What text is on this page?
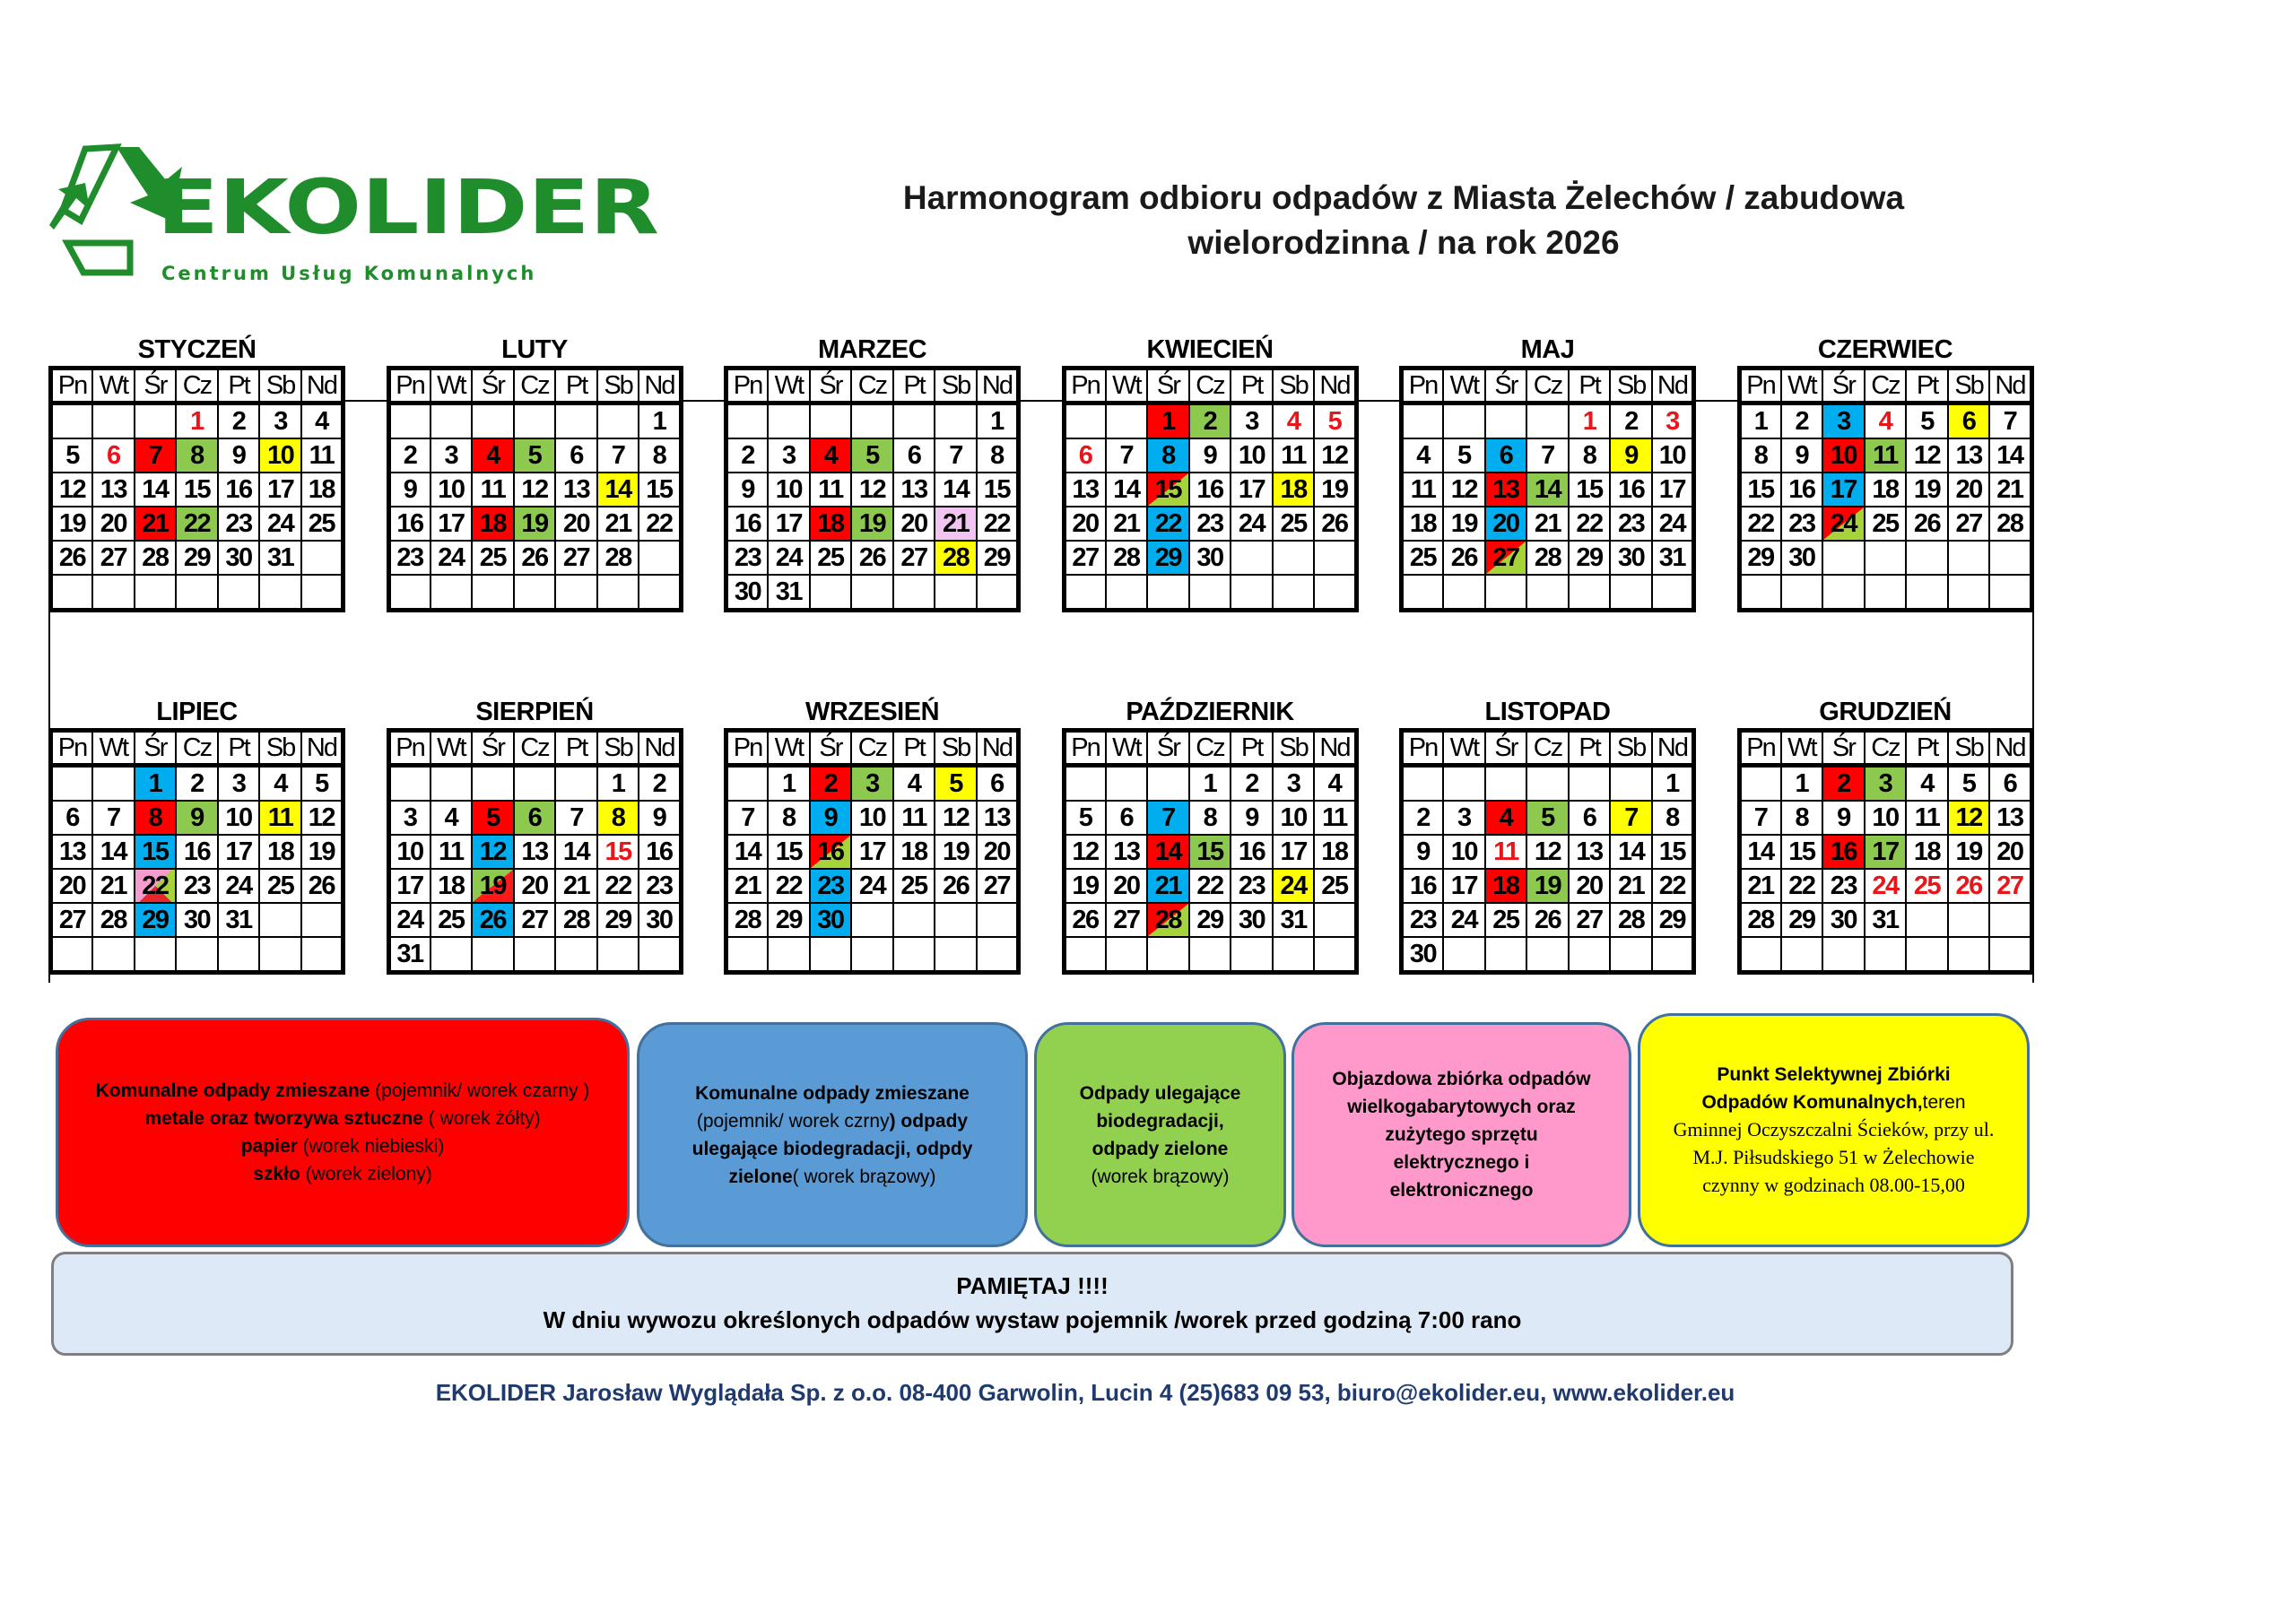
EKOLIDER
Centrum Usług Komunalnych
Harmonogram odbioru odpadów z Miasta Żelechów / zabudowa
wielorodzinna / na rok 2026
STYCZEŃ
Pn	Wt	Śr	Cz	Pt	Sb	Nd
			1	2	3	4
5	6	7	8	9	10	11
12	13	14	15	16	17	18
19	20	21	22	23	24	25
26	27	28	29	30	31	

LUTY
Pn	Wt	Śr	Cz	Pt	Sb	Nd
						1
2	3	4	5	6	7	8
9	10	11	12	13	14	15
16	17	18	19	20	21	22
23	24	25	26	27	28	

MARZEC
Pn	Wt	Śr	Cz	Pt	Sb	Nd
						1
2	3	4	5	6	7	8
9	10	11	12	13	14	15
16	17	18	19	20	21	22
23	24	25	26	27	28	29
30	31					
KWIECIEŃ
Pn	Wt	Śr	Cz	Pt	Sb	Nd
		1	2	3	4	5
6	7	8	9	10	11	12
13	14	15	16	17	18	19
20	21	22	23	24	25	26
27	28	29	30			

MAJ
Pn	Wt	Śr	Cz	Pt	Sb	Nd
				1	2	3
4	5	6	7	8	9	10
11	12	13	14	15	16	17
18	19	20	21	22	23	24
25	26	27	28	29	30	31

CZERWIEC
Pn	Wt	Śr	Cz	Pt	Sb	Nd
1	2	3	4	5	6	7
8	9	10	11	12	13	14
15	16	17	18	19	20	21
22	23	24	25	26	27	28
29	30					

LIPIEC
Pn	Wt	Śr	Cz	Pt	Sb	Nd
		1	2	3	4	5
6	7	8	9	10	11	12
13	14	15	16	17	18	19
20	21	22	23	24	25	26
27	28	29	30	31		

SIERPIEŃ
Pn	Wt	Śr	Cz	Pt	Sb	Nd
					1	2
3	4	5	6	7	8	9
10	11	12	13	14	15	16
17	18	19	20	21	22	23
24	25	26	27	28	29	30
31						
WRZESIEŃ
Pn	Wt	Śr	Cz	Pt	Sb	Nd
	1	2	3	4	5	6
7	8	9	10	11	12	13
14	15	16	17	18	19	20
21	22	23	24	25	26	27
28	29	30				

PAŹDZIERNIK
Pn	Wt	Śr	Cz	Pt	Sb	Nd
			1	2	3	4
5	6	7	8	9	10	11
12	13	14	15	16	17	18
19	20	21	22	23	24	25
26	27	28	29	30	31	

LISTOPAD
Pn	Wt	Śr	Cz	Pt	Sb	Nd
						1
2	3	4	5	6	7	8
9	10	11	12	13	14	15
16	17	18	19	20	21	22
23	24	25	26	27	28	29
30						
GRUDZIEŃ
Pn	Wt	Śr	Cz	Pt	Sb	Nd
	1	2	3	4	5	6
7	8	9	10	11	12	13
14	15	16	17	18	19	20
21	22	23	24	25	26	27
28	29	30	31			

Komunalne odpady zmieszane (pojemnik/ worek czarny )
metale oraz tworzywa sztuczne ( worek żółty)
papier (worek niebieski)
szkło (worek zielony)
Komunalne odpady zmieszane (pojemnik/ worek czrny) odpady ulegające biodegradacji, odpdy zielone( worek brązowy)
Odpady ulegające biodegradacji, odpady zielone (worek brązowy)
Objazdowa zbiórka odpadów wielkogabarytowych oraz zużytego sprzętu elektrycznego i elektronicznego
Punkt Selektywnej Zbiórki Odpadów Komunalnych,teren
Gminnej Oczyszczalni Ścieków, przy ul. M.J. Piłsudskiego 51 w Żelechowie czynny w godzinach 08.00-15,00
PAMIĘTAJ !!!!
W dniu wywozu określonych odpadów wystaw pojemnik /worek przed godziną 7:00 rano
EKOLIDER Jarosław Wyglądała Sp. z o.o. 08-400 Garwolin, Lucin 4 (25)683 09 53, biuro@ekolider.eu, www.ekolider.eu
